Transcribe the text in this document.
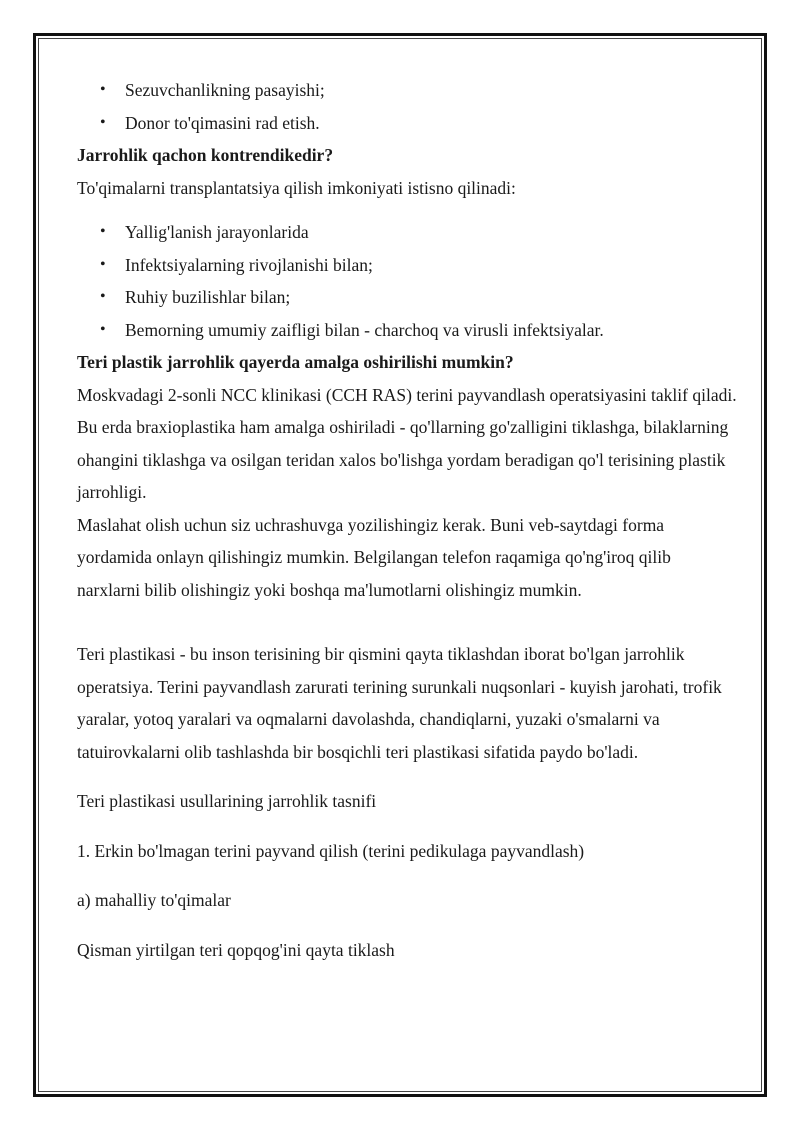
• Sezuvchanlikning pasayishi;
• Donor to'qimasini rad etish.

Jarrohlik qachon kontrendikedir?

To'qimalarni transplantatsiya qilish imkoniyati istisno qilinadi:

• Yallig'lanish jarayonlarida
• Infektsiyalarning rivojlanishi bilan;
• Ruhiy buzilishlar bilan;
• Bemorning umumiy zaifligi bilan - charchoq va virusli infektsiyalar.

Teri plastik jarrohlik qayerda amalga oshirilishi mumkin?

Moskvadagi 2-sonli NCC klinikasi (CCH RAS) terini payvandlash operatsiyasini taklif qiladi. Bu erda braxioplastika ham amalga oshiriladi - qo'llarning go'zalligini tiklashga, bilaklarning ohangini tiklashga va osilgan teridan xalos bo'lishga yordam beradigan qo'l terisining plastik jarrohligi.

Maslahat olish uchun siz uchrashuvga yozilishingiz kerak. Buni veb-saytdagi forma yordamida onlayn qilishingiz mumkin. Belgilangan telefon raqamiga qo'ng'iroq qilib narxlarni bilib olishingiz yoki boshqa ma'lumotlarni olishingiz mumkin.

Teri plastikasi - bu inson terisining bir qismini qayta tiklashdan iborat bo'lgan jarrohlik operatsiya. Terini payvandlash zarurati terining surunkali nuqsonlari - kuyish jarohati, trofik yaralar, yotoq yaralari va oqmalarni davolashda, chandiqlarni, yuzaki o'smalarni va tatuirovkalarni olib tashlashda bir bosqichli teri plastikasi sifatida paydo bo'ladi.

Teri plastikasi usullarining jarrohlik tasnifi

1. Erkin bo'lmagan terini payvand qilish (terini pedikulaga payvandlash)

a) mahalliy to'qimalar

Qisman yirtilgan teri qopqog'ini qayta tiklash
